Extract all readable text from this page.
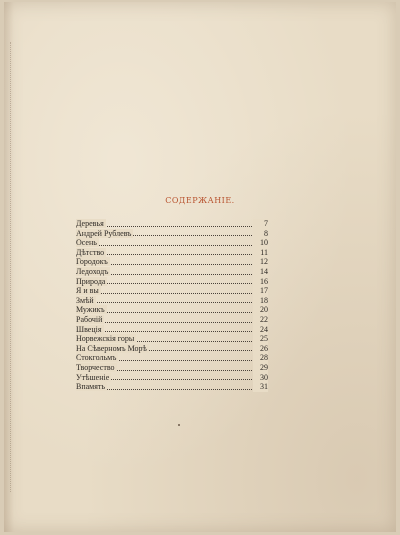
СОДЕРЖАНІЕ.
Деревья	7
Андрей Рублевъ	8
Осень	10
Дѣтство	11
Городокъ	12
Ледоходъ	14
Природа	16
Я и вы	17
Змѣй	18
Мужикъ	20
Рабочій	22
Швеція	24
Норвежскія горы	25
На Сѣверномъ Морѣ	26
Стокгольмъ	28
Творчество	29
Утѣшеніе	30
Впамять	31
